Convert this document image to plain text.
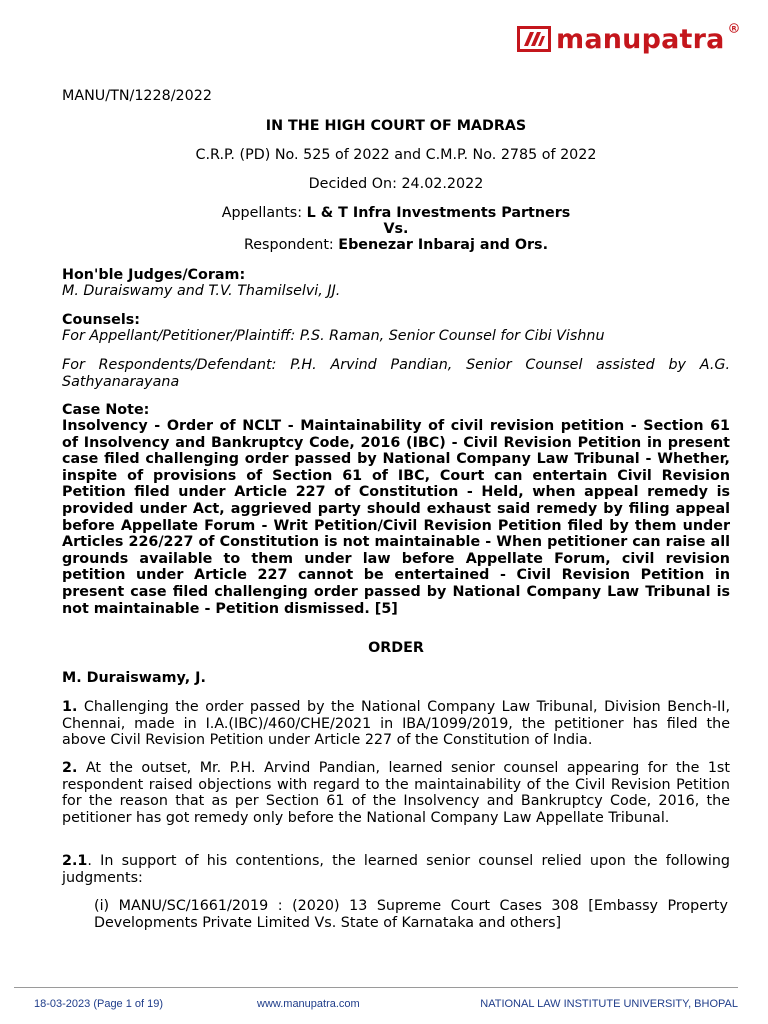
manupatra R
MANU/TN/1228/2022
IN THE HIGH COURT OF MADRAS
C.R.P. (PD) No. 525 of 2022 and C.M.P. No. 2785 of 2022
Decided On: 24.02.2022
Appellants: L & T Infra Investments Partners
Vs.
Respondent: Ebenezar Inbaraj and Ors.
Hon'ble Judges/Coram:
M. Duraiswamy and T.V. Thamilselvi, JJ.
Counsels:
For Appellant/Petitioner/Plaintiff: P.S. Raman, Senior Counsel for Cibi Vishnu
For Respondents/Defendant: P.H. Arvind Pandian, Senior Counsel assisted by A.G. Sathyanarayana
Case Note:
Insolvency - Order of NCLT - Maintainability of civil revision petition - Section 61 of Insolvency and Bankruptcy Code, 2016 (IBC) - Civil Revision Petition in present case filed challenging order passed by National Company Law Tribunal - Whether, inspite of provisions of Section 61 of IBC, Court can entertain Civil Revision Petition filed under Article 227 of Constitution - Held, when appeal remedy is provided under Act, aggrieved party should exhaust said remedy by filing appeal before Appellate Forum - Writ Petition/Civil Revision Petition filed by them under Articles 226/227 of Constitution is not maintainable - When petitioner can raise all grounds available to them under law before Appellate Forum, civil revision petition under Article 227 cannot be entertained - Civil Revision Petition in present case filed challenging order passed by National Company Law Tribunal is not maintainable - Petition dismissed. [5]
ORDER
M. Duraiswamy, J.
1. Challenging the order passed by the National Company Law Tribunal, Division Bench-II, Chennai, made in I.A.(IBC)/460/CHE/2021 in IBA/1099/2019, the petitioner has filed the above Civil Revision Petition under Article 227 of the Constitution of India.
2. At the outset, Mr. P.H. Arvind Pandian, learned senior counsel appearing for the 1st respondent raised objections with regard to the maintainability of the Civil Revision Petition for the reason that as per Section 61 of the Insolvency and Bankruptcy Code, 2016, the petitioner has got remedy only before the National Company Law Appellate Tribunal.
2.1. In support of his contentions, the learned senior counsel relied upon the following judgments:
(i) MANU/SC/1661/2019 : (2020) 13 Supreme Court Cases 308 [Embassy Property Developments Private Limited Vs. State of Karnataka and others]
18-03-2023 (Page 1 of 19)	www.manupatra.com	NATIONAL LAW INSTITUTE UNIVERSITY, BHOPAL
